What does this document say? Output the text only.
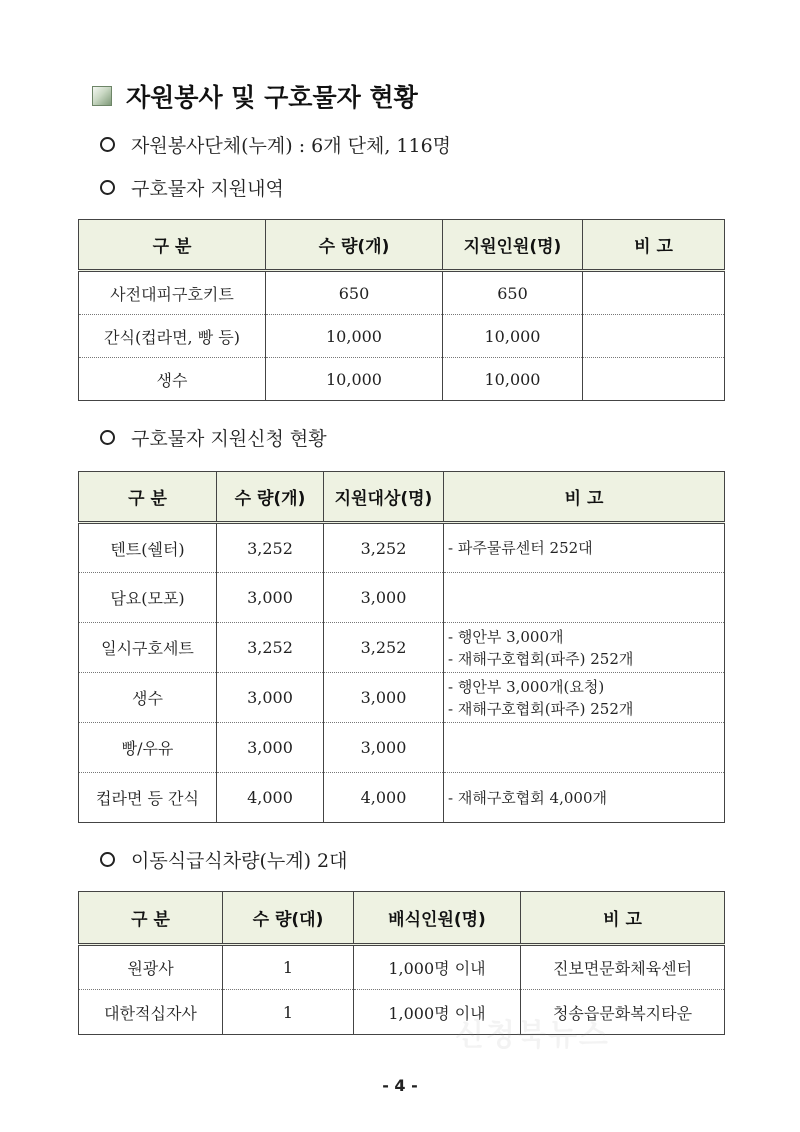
자원봉사 및 구호물자 현황
자원봉사단체(누계) : 6개 단체, 116명
구호물자 지원내역
구 분	수 량(개)	지원인원(명)	비 고
사전대피구호키트	650	650	
간식(컵라면, 빵 등)	10,000	10,000	
생수	10,000	10,000	
구호물자 지원신청 현황
구 분	수 량(개)	지원대상(명)	비 고
텐트(쉘터)	3,252	3,252	- 파주물류센터 252대

담요(모포)	3,000	3,000	
일시구호세트	3,252	3,252	- 행안부 3,000개
- 재해구호협회(파주) 252개

생수	3,000	3,000	- 행안부 3,000개(요청)
- 재해구호협회(파주) 252개

빵/우유	3,000	3,000	
컵라면 등 간식	4,000	4,000	- 재해구호협회 4,000개
이동식급식차량(누계) 2대
구 분	수 량(대)	배식인원(명)	비 고
원광사	1	1,000명 이내	진보면문화체육센터
대한적십자사	1	1,000명 이내	청송읍문화복지타운
신청북뉴스
- 4 -
